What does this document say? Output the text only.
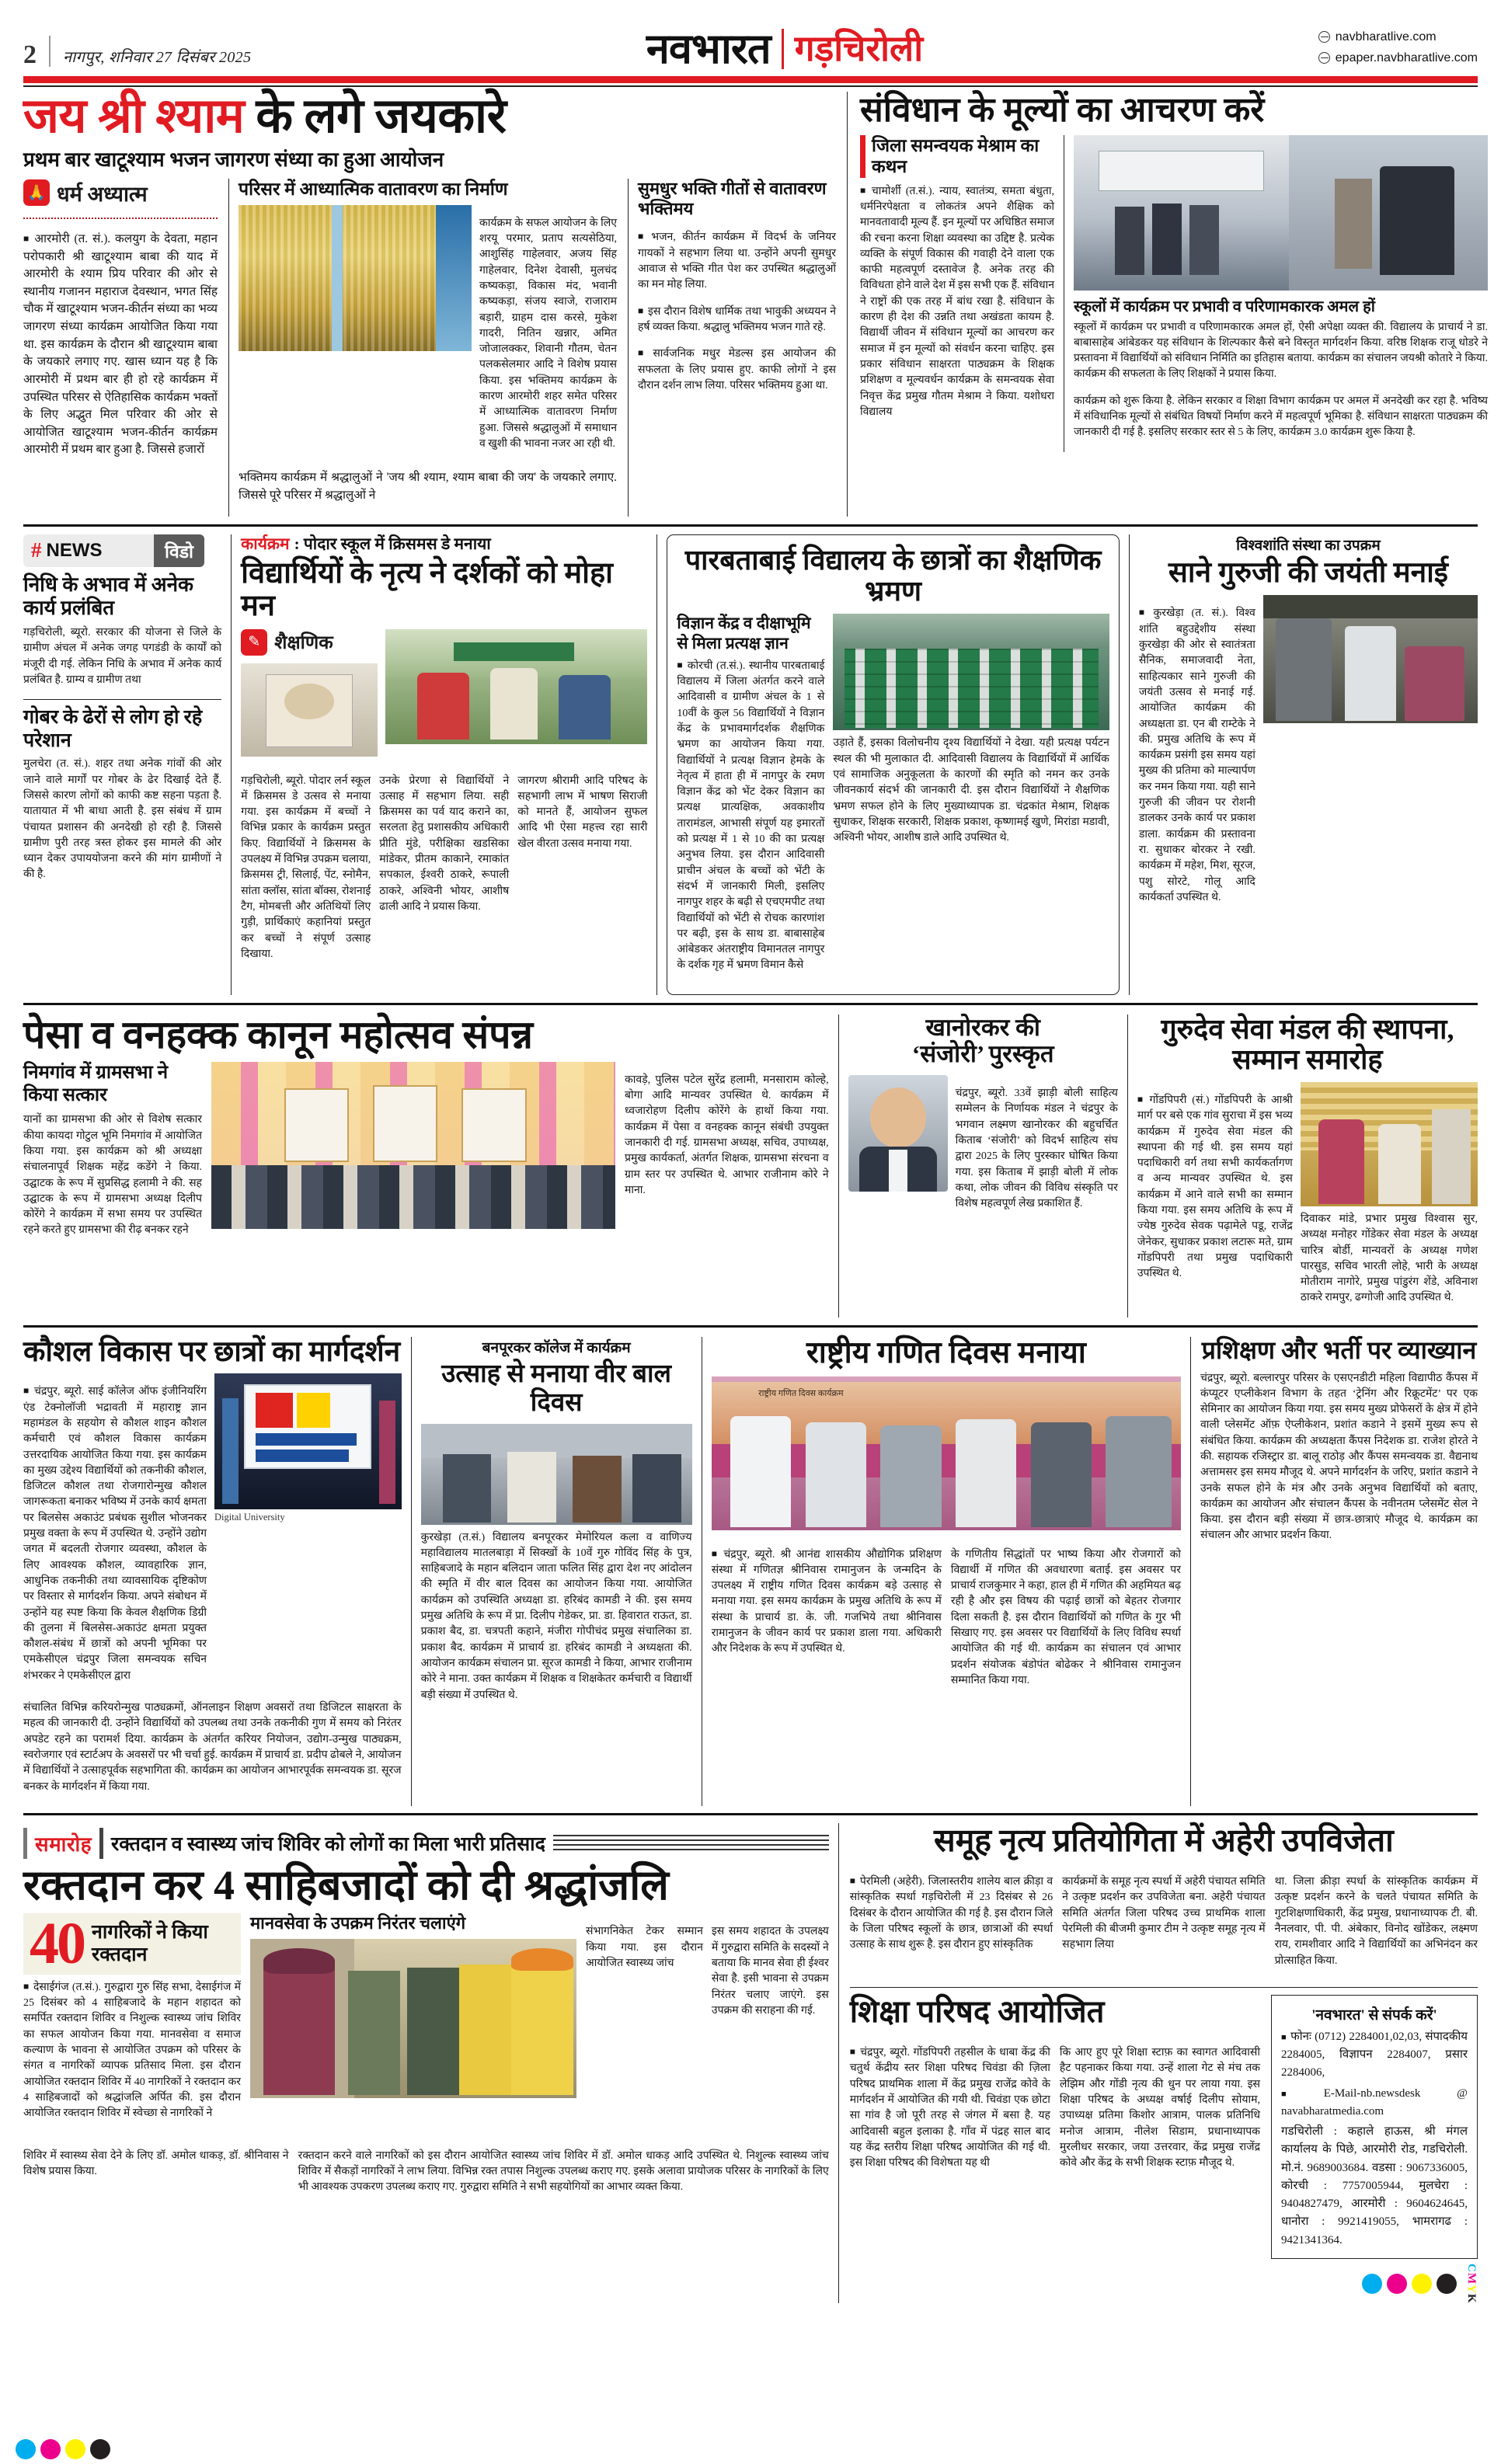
2 नागपुर, शनिवार 27 दिसंबर 2025	नवभारत गड़चिरोली	navbharatlive.com
epaper.navbharatlive.com
जय श्री श्याम के लगे जयकारे
प्रथम बार खाटूश्याम भजन जागरण संध्या का हुआ आयोजन
🙏 धर्म अध्यात्म

■ आरमोरी (त. सं.). कलयुग के देवता, महान परोपकारी श्री खाटूश्याम बाबा की याद में आरमोरी के श्याम प्रिय परिवार की ओर से स्थानीय गजानन महाराज देवस्थान, भगत सिंह चौक में खाटूश्याम भजन-कीर्तन संध्या का भव्य जागरण संध्या कार्यक्रम आयोजित किया गया था. इस कार्यक्रम के दौरान श्री खाटूश्याम बाबा के जयकारे लगाए गए. खास ध्यान यह है कि आरमोरी में प्रथम बार ही हो रहे कार्यक्रम में उपस्थित परिसर से ऐतिहासिक कार्यक्रम भक्तों के लिए अद्भुत मिल परिवार की ओर से आयोजित खाटूश्याम भजन-कीर्तन कार्यक्रम आरमोरी में प्रथम बार हुआ है. जिससे हजारों

परिसर में आध्यात्मिक वातावरण का निर्माण

कार्यक्रम के सफल आयोजन के लिए शरयू परमार, प्रताप सत्यसेठिया, आशुसिंह गाहेलवार, अजय सिंह गाहेलवार, दिनेश देवासी, मुलचंद कष्यकड़ा, विकास मंद, भवानी कष्यकड़ा, संजय स्वाजे, राजाराम बड़ारी, ग्राहम दास करसे, मुकेश गादरी, नितिन खन्नार, अमित जोजालक्कर, शिवानी गौतम, चेतन पलकसेलमार आदि ने विशेष प्रयास किया. इस भक्तिमय कार्यक्रम के कारण आरमोरी शहर समेत परिसर में आध्यात्मिक वातावरण निर्माण हुआ. जिससे श्रद्धालुओं में समाधान व खुशी की भावना नजर आ रही थी.

भक्तिमय कार्यक्रम में श्रद्धालुओं ने 'जय श्री श्याम, श्याम बाबा की जय' के जयकारे लगाए. जिससे पूरे परिसर में श्रद्धालुओं ने

सुमधुर भक्ति गीतों से वातावरण भक्तिमय

■ भजन, कीर्तन कार्यक्रम में विदर्भ के जनियर गायकों ने सहभाग लिया था. उन्होंने अपनी सुमधुर आवाज से भक्ति गीत पेश कर उपस्थित श्रद्धालुओं का मन मोह लिया.

■ इस दौरान विशेष धार्मिक तथा भावुकी अध्ययन ने हर्ष व्यक्त किया. श्रद्धालु भक्तिमय भजन गाते रहे.

■ सार्वजनिक मधुर मेडल्स इस आयोजन की सफलता के लिए प्रयास हुए. काफी लोगों ने इस दौरान दर्शन लाभ लिया. परिसर भक्तिमय हुआ था.

संविधान के मूल्यों का आचरण करें
जिला समन्वयक मेश्राम का कथन

■ चामोर्शी (त.सं.). न्याय, स्वातंत्र्य, समता बंधुता, धर्मनिरपेक्षता व लोकतंत्र अपने शैक्षिक को मानवतावादी मूल्य हैं. इन मूल्यों पर अधिष्ठित समाज की रचना करना शिक्षा व्यवस्था का उद्दिष्ट है. प्रत्येक व्यक्ति के संपूर्ण विकास की गवाही देने वाला एक काफी महत्वपूर्ण दस्तावेज है. अनेक तरह की विविधता होने वाले देश में इस सभी एक हैं. संविधान ने राष्ट्रों की एक तरह में बांध रखा है. संविधान के कारण ही देश की उन्नति तथा अखंडता कायम है. विद्यार्थी जीवन में संविधान मूल्यों का आचरण कर समाज में इन मूल्यों को संवर्धन करना चाहिए. इस प्रकार संविधान साक्षरता पाठ्यक्रम के शिक्षक प्रशिक्षण व मूल्यवर्धन कार्यक्रम के समन्वयक सेवा निवृत्त केंद्र प्रमुख गौतम मेश्राम ने किया. यशोधरा विद्यालय

स्कूलों में कार्यक्रम पर प्रभावी व परिणामकारक अमल हों

स्कूलों में कार्यक्रम पर प्रभावी व परिणामकारक अमल हों, ऐसी अपेक्षा व्यक्त की. विद्यालय के प्राचार्य ने डा. बाबासाहेब आंबेडकर यह संविधान के शिल्पकार कैसे बने विस्तृत मार्गदर्शन किया. वरिष्ठ शिक्षक राजू धोडरे ने प्रस्तावना में विद्यार्थियों को संविधान निर्मिति का इतिहास बताया. कार्यक्रम का संचालन जयश्री कोतारे ने किया. कार्यक्रम की सफलता के लिए शिक्षकों ने प्रयास किया.

कार्यक्रम को शुरू किया है. लेकिन सरकार व शिक्षा विभाग कार्यक्रम पर अमल में अनदेखी कर रहा है. भविष्य में संविधानिक मूल्यों से संबंधित विषयों निर्माण करने में महत्वपूर्ण भूमिका है. संविधान साक्षरता पाठ्यक्रम की जानकारी दी गई है. इसलिए सरकार स्तर से 5 के लिए, कार्यक्रम 3.0 कार्यक्रम शुरू किया है.

# NEWS	विडो
निधि के अभाव में अनेक कार्य प्रलंबित

गड़चिरोली, ब्यूरो. सरकार की योजना से जिले के ग्रामीण अंचल में अनेक जगह पगडंडी के कार्यों को मंजूरी दी गई. लेकिन निधि के अभाव में अनेक कार्य प्रलंबित है. ग्राम्य व ग्रामीण तथा

गोबर के ढेरों से लोग हो रहे परेशान

मुलचेरा (त. सं.). शहर तथा अनेक गांवों की ओर जाने वाले मार्गों पर गोबर के ढेर दिखाई देते हैं. जिससे कारण लोगों को काफी कष्ट सहना पड़ता है. यातायात में भी बाधा आती है. इस संबंध में ग्राम पंचायत प्रशासन की अनदेखी हो रही है. जिससे ग्रामीण पुरी तरह त्रस्त होकर इस मामले की ओर ध्यान देकर उपाययोजना करने की मांग ग्रामीणों ने की है.

कार्यक्रम : पोदार स्कूल में क्रिसमस डे मनाया
विद्यार्थियों के नृत्य ने दर्शकों को मोहा मन
✎ शैक्षणिक

गड़चिरोली, ब्यूरो. पोदार लर्न स्कूल में क्रिसमस डे उत्सव से मनाया गया. इस कार्यक्रम में बच्चों ने विभिन्न प्रकार के कार्यक्रम प्रस्तुत किए. विद्यार्थियों ने क्रिसमस के उपलक्ष्य में विभिन्न उपक्रम चलाया, क्रिसमस ट्री, सिलाई, पेंट, स्नोमैन, सांता क्लॉस, सांता बॉक्स, रोशनाई टैग, मोमबत्ती और अतिथियों लिए गुड़ी, प्रार्थिकाएं कहानियां प्रस्तुत कर बच्चों ने संपूर्ण उत्साह दिखाया.

उनके प्रेरणा से विद्यार्थियों ने उत्साह में सहभाग लिया. सही क्रिसमस का पर्व याद कराने का, सरलता हेतु प्रशासकीय अधिकारी प्रीति मुंडे, परीक्षिका खडसिका मांडेकर, प्रीतम काकाने, रमाकांत सपकाल, ईश्वरी ठाकरे, रूपाली ठाकरे, अश्विनी भोयर, आशीष ढाली आदि ने प्रयास किया.

जागरण श्रीरामी आदि परिषद के सहभागी लाभ में भाषण सिराजी को मानते हैं, आयोजन सुफल आदि भी ऐसा महत्त्व रहा सारी खेल वीरता उत्सव मनाया गया.

पारबताबाई विद्यालय के छात्रों का शैक्षणिक भ्रमण
विज्ञान केंद्र व दीक्षाभूमि से मिला प्रत्यक्ष ज्ञान

■ कोरची (त.सं.). स्थानीय पारबताबाई विद्यालय में जिला अंतर्गत करने वाले आदिवासी व ग्रामीण अंचल के 1 से 10वीं के कुल 56 विद्यार्थियों ने विज्ञान केंद्र के प्रभावमार्गदर्शक शैक्षणिक भ्रमण का आयोजन किया गया. विद्यार्थियों ने प्रत्यक्ष विज्ञान हेमके के नेतृत्व में हाता ही में नागपुर के रमण विज्ञान केंद्र को भेंट देकर विज्ञान का प्रत्यक्ष प्रात्यक्षिक, अवकाशीय तारामंडल, आभासी संपूर्ण यह इमारतों को प्रत्यक्ष में 1 से 10 की का प्रत्यक्ष अनुभव लिया. इस दौरान आदिवासी प्राचीन अंचल के बच्चों को भेंटी के संदर्भ में जानकारी मिली, इसलिए नागपुर शहर के बढ़ी से एचएमपीट तथा विद्यार्थियों को भेंटी से रोचक कारणांश पर बढ़ी, इस के साथ डा. बाबासाहेब आंबेडकर अंतराष्ट्रीय विमानतल नागपुर के दर्शक गृह में भ्रमण विमान कैसे

उड़ाते हैं, इसका विलोचनीय दृश्य विद्यार्थियों ने देखा. यही प्रत्यक्ष पर्यटन स्थल की भी मुलाकात दी. आदिवासी विद्यालय के विद्यार्थियों में आर्थिक एवं सामाजिक अनुकूलता के कारणों की स्मृति को नमन कर उनके जीवनकार्य संदर्भ की जानकारी दी. इस दौरान विद्यार्थियों ने शैक्षणिक भ्रमण सफल होने के लिए मुख्याध्यापक डा. चंद्रकांत मेश्राम, शिक्षक सुधाकर, शिक्षक सरकारी, शिक्षक प्रकाश, कृष्णामई खुणे, मिरांडा मडावी, अश्विनी भोयर, आशीष डाले आदि उपस्थित थे.

विश्वशांति संस्था का उपक्रम
साने गुरुजी की जयंती मनाई

■ कुरखेड़ा (त. सं.). विश्व शांति बहुउद्देशीय संस्था कुरखेड़ा की ओर से स्वातंत्रता सैनिक, समाजवादी नेता, साहित्यकार साने गुरुजी की जयंती उत्सव से मनाई गई. आयोजित कार्यक्रम की अध्यक्षता डा. एन बी राम्टेके ने की. प्रमुख अतिथि के रूप में कार्यक्रम प्रसंगी इस समय यहां मुख्य की प्रतिमा को माल्यार्पण कर नमन किया गया. यही साने गुरुजी की जीवन पर रोशनी डालकर उनके कार्य पर प्रकाश डाला. कार्यक्रम की प्रस्तावना रा. सुधाकर बोरकर ने रखी. कार्यक्रम में महेश, मिश, सूरज, पशु सोरटे, गोलू आदि कार्यकर्ता उपस्थित थे.

पेसा व वनहक्क कानून महोत्सव संपन्न
निमगांव में ग्रामसभा ने किया सत्कार

यानों का ग्रामसभा की ओर से विशेष सत्कार कीया कायदा गोटुल भूमि निमगांव में आयोजित किया गया. इस कार्यक्रम को श्री अध्यक्षा संचालनापूर्व शिक्षक महेंद्र कडेंगे ने किया. उद्घाटक के रूप में सुप्रसिद्ध हलामी ने की. सह उद्घाटक के रूप में ग्रामसभा अध्यक्ष दिलीप कोरेंगे ने कार्यक्रम में सभा समय पर उपस्थित रहने करते हुए ग्रामसभा की रीढ़ बनकर रहने

कावड़े, पुलिस पटेल सुरेंद्र हलामी, मनसाराम कोल्हे, बोगा आदि मान्यवर उपस्थित थे. कार्यक्रम में ध्वजारोहण दिलीप कोरेंगे के हाथों किया गया. कार्यक्रम में पेसा व वनहक्क कानून संबंधी उपयुक्त जानकारी दी गई. ग्रामसभा अध्यक्ष, सचिव, उपाध्यक्ष, प्रमुख कार्यकर्ता, अंतर्गत शिक्षक, ग्रामसभा संरचना व ग्राम स्तर पर उपस्थित थे. आभार राजीनाम कोरे ने माना.

खानोरकर की
‘संजोरी’ पुरस्कृत

चंद्रपुर, ब्यूरो. 33वें झाड़ी बोली साहित्य सम्मेलन के निर्णायक मंडल ने चंद्रपुर के भगवान लक्ष्मण खानोरकर की बहुचर्चित किताब ‘संजोरी’ को विदर्भ साहित्य संघ द्वारा 2025 के लिए पुरस्कार घोषित किया गया. इस किताब में झाड़ी बोली में लोक कथा, लोक जीवन की विविध संस्कृति पर विशेष महत्वपूर्ण लेख प्रकाशित हैं.

गुरुदेव सेवा मंडल की स्थापना, सम्मान समारोह

■ गोंडपिपरी (सं.) गोंडपिपरी के आश्री मार्ग पर बसे एक गांव सुराचा में इस भव्य कार्यक्रम में गुरुदेव सेवा मंडल की स्थापना की गई थी. इस समय यहां पदाधिकारी वर्ग तथा सभी कार्यकर्तागण व अन्य मान्यवर उपस्थित थे. इस कार्यक्रम में आने वाले सभी का सम्मान किया गया. इस समय अतिथि के रूप में ज्येष्ठ गुरुदेव सेवक पढ़ामेले पडू, राजेंद्र जेनेकर, सुधाकर प्रकाश लटारू मते, ग्राम गोंडपिपरी तथा प्रमुख पदाधिकारी उपस्थित थे.

दिवाकर मांडे, प्रभार प्रमुख विश्वास सुर, अध्यक्ष मनोहर गोंडेकर सेवा मंडल के अध्यक्ष चारित्र बोर्डी, मान्यवरों के अध्यक्ष गणेश पारसुड, सचिव भारती लोहे, भारी के अध्यक्ष मोतीराम नागोरे, प्रमुख पांडुरंग शेंडे, अविनाश ठाकरे रामपुर, ढग्गोजी आदि उपस्थित थे.

कौशल विकास पर छात्रों का मार्गदर्शन

■ चंद्रपुर, ब्यूरो. साई कॉलेज ऑफ इंजीनियरिंग एंड टेक्नोलॉजी भद्रावती में महाराष्ट्र ज्ञान महामंडल के सहयोग से कौशल शाइन कौशल कर्मचारी एवं कौशल विकास कार्यक्रम उत्तरदायिक आयोजित किया गया. इस कार्यक्रम का मुख्य उद्देश्य विद्यार्थियों को तकनीकी कौशल, डिजिटल कौशल तथा रोजगारोन्मुख कौशल जागरूकता बनाकर भविष्य में उनके कार्य क्षमता पर बिलसेस अकाउंट प्रबंधक सुशील भोजनकर प्रमुख वक्ता के रूप में उपस्थित थे. उन्होंने उद्योग जगत में बदलती रोजगार व्यवस्था, कौशल के लिए आवश्यक कौशल, व्यावहारिक ज्ञान, आधुनिक तकनीकी तथा व्यावसायिक दृष्टिकोण पर विस्तार से मार्गदर्शन किया. अपने संबोधन में उन्होंने यह स्पष्ट किया कि केवल शैक्षणिक डिग्री की तुलना में बिलसेस-अकाउंट क्षमता प्रयुक्त कौशल-संबंध में छात्रों को अपनी भूमिका पर एमकेसीएल चंद्रपुर जिला समन्वयक सचिन शंभरकर ने एमकेसीएल द्वारा

Digital University

संचालित विभिन्न करियरोन्मुख पाठ्यक्रमों, ऑनलाइन शिक्षण अवसरों तथा डिजिटल साक्षरता के महत्व की जानकारी दी. उन्होंने विद्यार्थियों को उपलब्ध तथा उनके तकनीकी गुण में समय को निरंतर अपडेट रहने का परामर्श दिया. कार्यक्रम के अंतर्गत करियर नियोजन, उद्योग-उन्मुख पाठ्यक्रम, स्वरोजगार एवं स्टार्टअप के अवसरों पर भी चर्चा हुई. कार्यक्रम में प्राचार्य डा. प्रदीप ढोबले ने, आयोजन में विद्यार्थियों ने उत्साहपूर्वक सहभागिता की. कार्यक्रम का आयोजन आभारपूर्वक समन्वयक डा. सूरज बनकर के मार्गदर्शन में किया गया.

बनपूरकर कॉलेज में कार्यक्रम
उत्साह से मनाया वीर बाल दिवस

कुरखेड़ा (त.सं.) विद्यालय बनपूरकर मेमोरियल कला व वाणिज्य महाविद्यालय मातलबाड़ा में सिक्खों के 10वें गुरु गोविंद सिंह के पुत्र, साहिबजादे के महान बलिदान जाता फलित सिंह द्वारा देश नए आंदोलन की स्मृति में वीर बाल दिवस का आयोजन किया गया. आयोजित कार्यक्रम को उपस्थिति अध्यक्षा डा. हरिबंद कामडी ने की. इस समय प्रमुख अतिथि के रूप में प्रा. दिलीप गेडेकर, प्रा. डा. हिवारात राऊत, डा. प्रकाश बैद, डा. चत्रपती कहाने, मंजीरा गोपीचंद प्रमुख संचालिका डा. प्रकाश बैद. कार्यक्रम में प्राचार्य डा. हरिबंद कामडी ने अध्यक्षता की. आयोजन कार्यक्रम संचालन प्रा. सूरज कामडी ने किया, आभार राजीनाम कोरे ने माना. उक्त कार्यक्रम में शिक्षक व शिक्षकेतर कर्मचारी व विद्यार्थी बड़ी संख्या में उपस्थित थे.

राष्ट्रीय गणित दिवस मनाया
राष्ट्रीय गणित दिवस कार्यक्रम

■ चंद्रपुर, ब्यूरो. श्री आनंद्य शासकीय औद्योगिक प्रशिक्षण संस्था में गणितज्ञ श्रीनिवास रामानुजन के जन्मदिन के उपलक्ष्य में राष्ट्रीय गणित दिवस कार्यक्रम बड़े उत्साह से मनाया गया. इस समय कार्यक्रम के प्रमुख अतिथि के रूप में संस्था के प्राचार्य डा. के. जी. गजभिये तथा श्रीनिवास रामानुजन के जीवन कार्य पर प्रकाश डाला गया. अधिकारी और निदेशक के रूप में उपस्थित थे.

के गणितीय सिद्धांतों पर भाष्य किया और रोजगारों को विद्यार्थी में गणित की अवधारणा बताई. इस अवसर पर प्राचार्य राजकुमार ने कहा, हाल ही में गणित की अहमियत बढ़ रही है और इस विषय की पढ़ाई छात्रों को बेहतर रोजगार दिला सकती है. इस दौरान विद्यार्थियों को गणित के गुर भी सिखाए गए. इस अवसर पर विद्यार्थियों के लिए विविध स्पर्धा आयोजित की गई थी. कार्यक्रम का संचालन एवं आभार प्रदर्शन संयोजक बंडोपंत बोढेकर ने श्रीनिवास रामानुजन सम्मानित किया गया.

प्रशिक्षण और भर्ती पर व्याख्यान

चंद्रपुर, ब्यूरो. बल्लारपुर परिसर के एसएनडीटी महिला विद्यापीठ कैंपस में कंप्यूटर एप्लीकेशन विभाग के तहत ‘ट्रेनिंग और रिक्रूटमेंट’ पर एक सेमिनार का आयोजन किया गया. इस समय मुख्य प्रोफेसरों के क्षेत्र में होने वाली प्लेसमेंट ऑफ़ ऐप्लीकेशन, प्रशांत कडाने ने इसमें मुख्य रूप से संबंधित किया. कार्यक्रम की अध्यक्षता कैंपस निदेशक डा. राजेश होरते ने की. सहायक रजिस्ट्रार डा. बालू राठोड़ और कैंपस समन्वयक डा. वैद्यनाथ अत्तामसर इस समय मौजूद थे. अपने मार्गदर्शन के जरिए, प्रशांत कडाने ने उनके सफल होने के मंत्र और उनके अनुभव विद्यार्थियों को बताए, कार्यक्रम का आयोजन और संचालन कैंपस के नवीनतम प्लेसमेंट सेल ने किया. इस दौरान बड़ी संख्या में छात्र-छात्राएं मौजूद थे. कार्यक्रम का संचालन और आभार प्रदर्शन किया.

समारोह रक्तदान व स्वास्थ्य जांच शिविर को लोगों का मिला भारी प्रतिसाद
रक्तदान कर 4 साहिबजादों को दी श्रद्धांजलि
40 नागरिकों ने किया रक्तदान

■ देसाईगंज (त.सं.). गुरुद्वारा गुरु सिंह सभा, देसाईगंज में 25 दिसंबर को 4 साहिबजादे के महान शहादत को समर्पित रक्तदान शिविर व निशुल्क स्वास्थ्य जांच शिविर का सफल आयोजन किया गया. मानवसेवा व समाज कल्याण के भावना से आयोजित उपक्रम को परिसर के संगत व नागरिकों व्यापक प्रतिसाद मिला. इस दौरान आयोजित रक्तदान शिविर में 40 नागरिकों ने रक्तदान कर 4 साहिबजादों को श्रद्धांजलि अर्पित की. इस दौरान आयोजित रक्तदान शिविर में स्वेच्छा से नागरिकों ने

मानवसेवा के उपक्रम निरंतर चलाएंगे	संभागनिकेत टेकर सम्मान किया गया. इस दौरान आयोजित स्वास्थ्य जांच

इस समय शहादत के उपलक्ष्य में गुरुद्वारा समिति के सदस्यों ने बताया कि मानव सेवा ही ईश्वर सेवा है. इसी भावना से उपक्रम निरंतर चलाए जाएंगे. इस उपक्रम की सराहना की गई.

शिविर में स्वास्थ्य सेवा देने के लिए डॉ. अमोल धाकड़, डॉ. श्रीनिवास ने विशेष प्रयास किया.

रक्तदान करने वाले नागरिकों को इस दौरान आयोजित स्वास्थ्य जांच शिविर में डॉ. अमोल धाकड़ आदि उपस्थित थे. निशुल्क स्वास्थ्य जांच शिविर में सैकड़ों नागरिकों ने लाभ लिया. विभिन्न रक्त तपास निशुल्क उपलब्ध कराए गए. इसके अलावा प्रायोजक परिसर के नागरिकों के लिए भी आवश्यक उपकरण उपलब्ध कराए गए. गुरुद्वारा समिति ने सभी सहयोगियों का आभार व्यक्त किया.

समूह नृत्य प्रतियोगिता में अहेरी उपविजेता

■ पेरमिली (अहेरी). जिलास्तरीय शालेय बाल क्रीड़ा व सांस्कृतिक स्पर्धा गड़चिरोली में 23 दिसंबर से 26 दिसंबर के दौरान आयोजित की गई है. इस दौरान जिले के जिला परिषद स्कूलों के छात्र, छात्राओं की स्पर्धा उत्साह के साथ शुरू है. इस दौरान हुए सांस्कृतिक

कार्यक्रमों के समूह नृत्य स्पर्धा में अहेरी पंचायत समिति ने उत्कृष्ट प्रदर्शन कर उपविजेता बना. अहेरी पंचायत समिति अंतर्गत जिला परिषद उच्च प्राथमिक शाला पेरमिली की बीजमी कुमार टीम ने उत्कृष्ट समूह नृत्य में सहभाग लिया

था. जिला क्रीड़ा स्पर्धा के सांस्कृतिक कार्यक्रम में उत्कृष्ट प्रदर्शन करने के चलते पंचायत समिति के गुटशिक्षणाधिकारी, केंद्र प्रमुख, प्रधानाध्यापक टी. बी. नैनलवार, पी. पी. अंबेकार, विनोद खोंडेकर, लक्ष्मण राय, रामशीवार आदि ने विद्यार्थियों का अभिनंदन कर प्रोत्साहित किया.

शिक्षा परिषद आयोजित

■ चंद्रपुर, ब्यूरो. गोंडपिपरी तहसील के धाबा केंद्र की चतुर्थ केंद्रीय स्तर शिक्षा परिषद चिवंडा की ज़िला परिषद प्राथमिक शाला में केंद्र प्रमुख राजेंद्र कोवे के मार्गदर्शन में आयोजित की गयी थी. चिवंडा एक छोटा सा गांव है जो पूरी तरह से जंगल में बसा है. यह आदिवासी बहुल इलाका है. गाँव में पंद्रह साल बाद यह केंद्र स्तरीय शिक्षा परिषद आयोजित की गई थी. इस शिक्षा परिषद की विशेषता यह थी

कि आए हुए पूरे शिक्षा स्टाफ़ का स्वागत आदिवासी हैट पहनाकर किया गया. उन्हें शाला गेट से मंच तक लेझिम और गोंडी नृत्य की धुन पर लाया गया. इस शिक्षा परिषद के अध्यक्ष वर्षाई दिलीप सोयाम, उपाध्यक्ष प्रतिमा किशोर आत्राम, पालक प्रतिनिधि मनोज आत्राम, नीलेश सिडाम, प्रधानाध्यापक मुरलीधर सरकार, जया उत्तरवार, केंद्र प्रमुख राजेंद्र कोवे और केंद्र के सभी शिक्षक स्टाफ़ मौजूद थे.

'नवभारत' से संपर्क करें'
■ फोनः (0712) 2284001,02,03, संपादकीय 2284005, विज्ञापन 2284007, प्रसार 2284006,
■ E-Mail-nb.newsdesk @ navabharatmedia.com
गडचिरोली : कहाले हाऊस, श्री मंगल कार्यालय के पिछे, आरमोरी रोड, गडचिरोली. मो.नं. 9689003684. वडसा : 9067336005, कोरची : 7757005944, मुलचेरा : 9404827479, आरमोरी : 9604624645, धानोरा : 9921419055, भामरागढ : 9421341364.
CMYK
